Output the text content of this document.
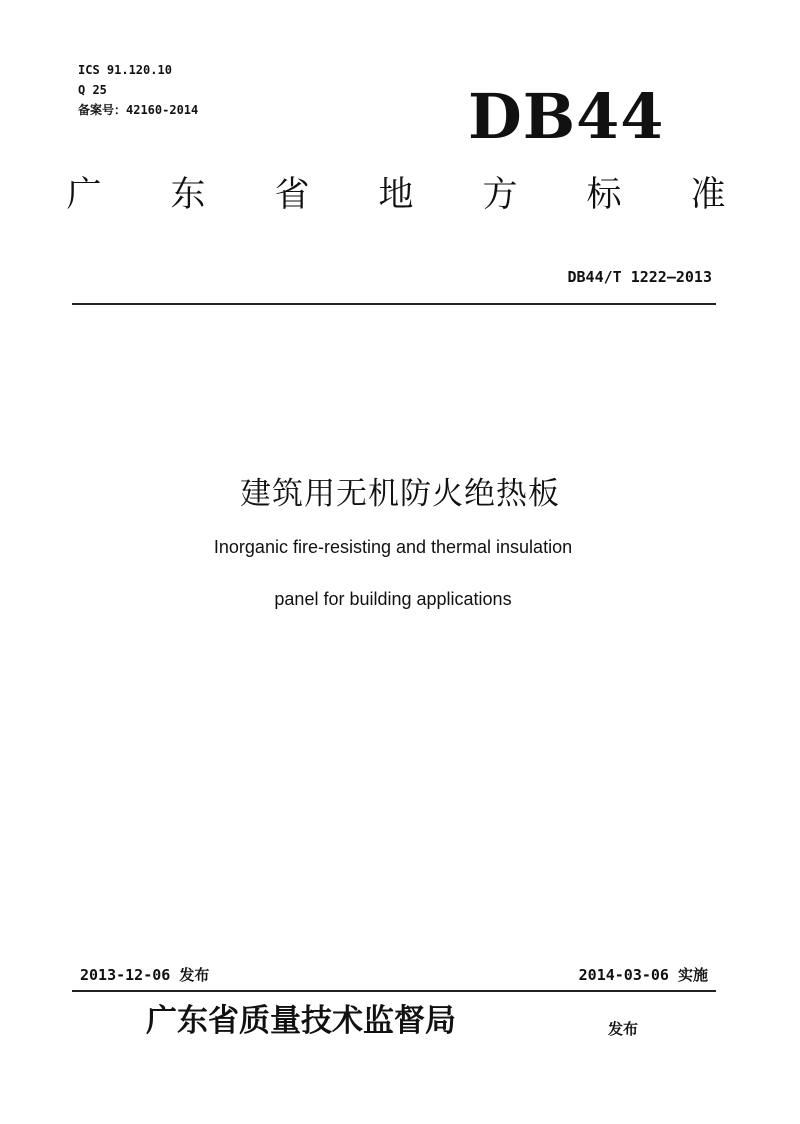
ICS 91.120.10
Q 25
备案号：42160-2014	DB44
广 东 省 地 方 标 准
DB44/T 1222—2013
建筑用无机防火绝热板
Inorganic fire-resisting and thermal insulation
panel for building applications
2013-12-06 发布	2014-03-06 实施
广东省质量技术监督局	发布
